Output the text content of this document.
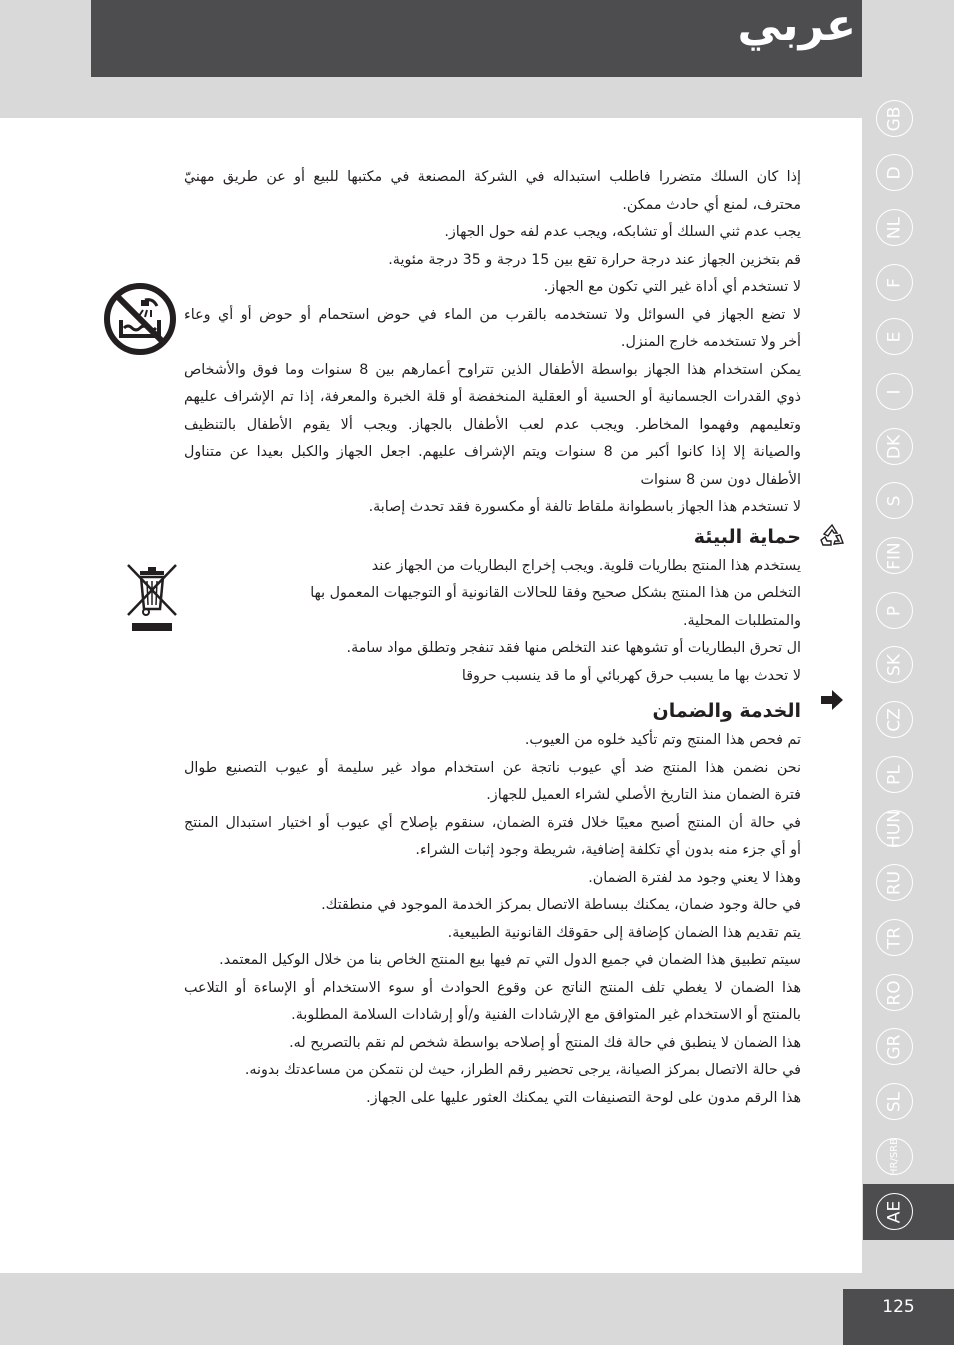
عربي
إذا كان السلك متضررا فاطلب استبداله في الشركة المصنعة في مكتبها للبيع أو عن طريق مهنيّ
محترف، لمنع أي حادث ممكن.
يجب عدم ثني السلك أو تشابكه، ويجب عدم لفه حول الجهاز.
قم بتخزين الجهاز عند درجة حرارة تقع بين 15 درجة و 35 درجة مئوية.
لا تستخدم أي أداة غير التي تكون مع الجهاز.
لا تضع الجهاز في السوائل ولا تستخدمه بالقرب من الماء في حوض استحمام أو حوض أو أي وعاء
أخر ولا تستخدمه خارج المنزل.
يمكن استخدام هذا الجهاز بواسطة الأطفال الذين تتراوح أعمارهم بين 8 سنوات وما فوق والأشخاص
ذوي القدرات الجسمانية أو الحسية أو العقلية المنخفضة أو قلة الخبرة والمعرفة، إذا تم الإشراف عليهم
وتعليمهم وفهموا المخاطر. ويجب عدم لعب الأطفال بالجهاز. ويجب ألا يقوم الأطفال بالتنظيف
والصيانة إلا إذا كانوا أكبر من 8 سنوات ويتم الإشراف عليهم. اجعل الجهاز والكبل بعيدا عن متناول
الأطفال دون سن 8 سنوات
لا تستخدم هذا الجهاز باسطوانة ملقاط تالفة أو مكسورة فقد تحدث إصابة.
حماية البيئة
يستخدم هذا المنتج بطاريات قلوية. ويجب إخراج البطاريات من الجهاز عند
التخلص من هذا المنتج بشكل صحيح وفقا للحالات القانونية أو التوجيهات المعمول بها
والمتطلبات المحلية.
ال تحرق البطاريات أو تشوهها عند التخلص منها فقد تنفجر وتطلق مواد سامة.
لا تحدث بها ما يسبب حرق كهربائي أو ما قد ينسبب حروقا
الخدمة والضمان
تم فحص هذا المنتج وتم تأكيد خلوه من العيوب.
نحن نضمن هذا المنتج ضد أي عيوب ناتجة عن استخدام مواد غير سليمة أو عيوب التصنيع طوال
فترة الضمان منذ التاريخ الأصلي لشراء العميل للجهاز.
في حالة أن المنتج أصبح معيبًا خلال فترة الضمان، سنقوم بإصلاح أي عيوب أو اختيار استبدال المنتج
أو أي جزء منه بدون أي تكلفة إضافية، شريطة وجود إثبات الشراء.
وهذا لا يعني وجود مد لفترة الضمان.
في حالة وجود ضمان، يمكنك ببساطة الاتصال بمركز الخدمة الموجود في منطقتك.
يتم تقديم هذا الضمان كإضافة إلى حقوقك القانونية الطبيعية.
سيتم تطبيق هذا الضمان في جميع الدول التي تم فيها بيع المنتج الخاص بنا من خلال الوكيل المعتمد.
هذا الضمان لا يغطي تلف المنتج الناتج عن وقوع الحوادث أو سوء الاستخدام أو الإساءة أو التلاعب
بالمنتج أو الاستخدام غير المتوافق مع الإرشادات الفنية و/أو إرشادات السلامة المطلوبة.
هذا الضمان لا ينطبق في حالة فك المنتج أو إصلاحه بواسطة شخص لم نقم بالتصريح له.
في حالة الاتصال بمركز الصيانة، يرجى تحضير رقم الطراز، حيث لن نتمكن من مساعدتك بدونه.
هذا الرقم مدون على لوحة التصنيفات التي يمكنك العثور عليها على الجهاز.
GB
D
NL
F
E
I
DK
S
FIN
P
SK
CZ
PL
HUN
RU
TR
RO
GR
SL
HR/SRB
AE
125
